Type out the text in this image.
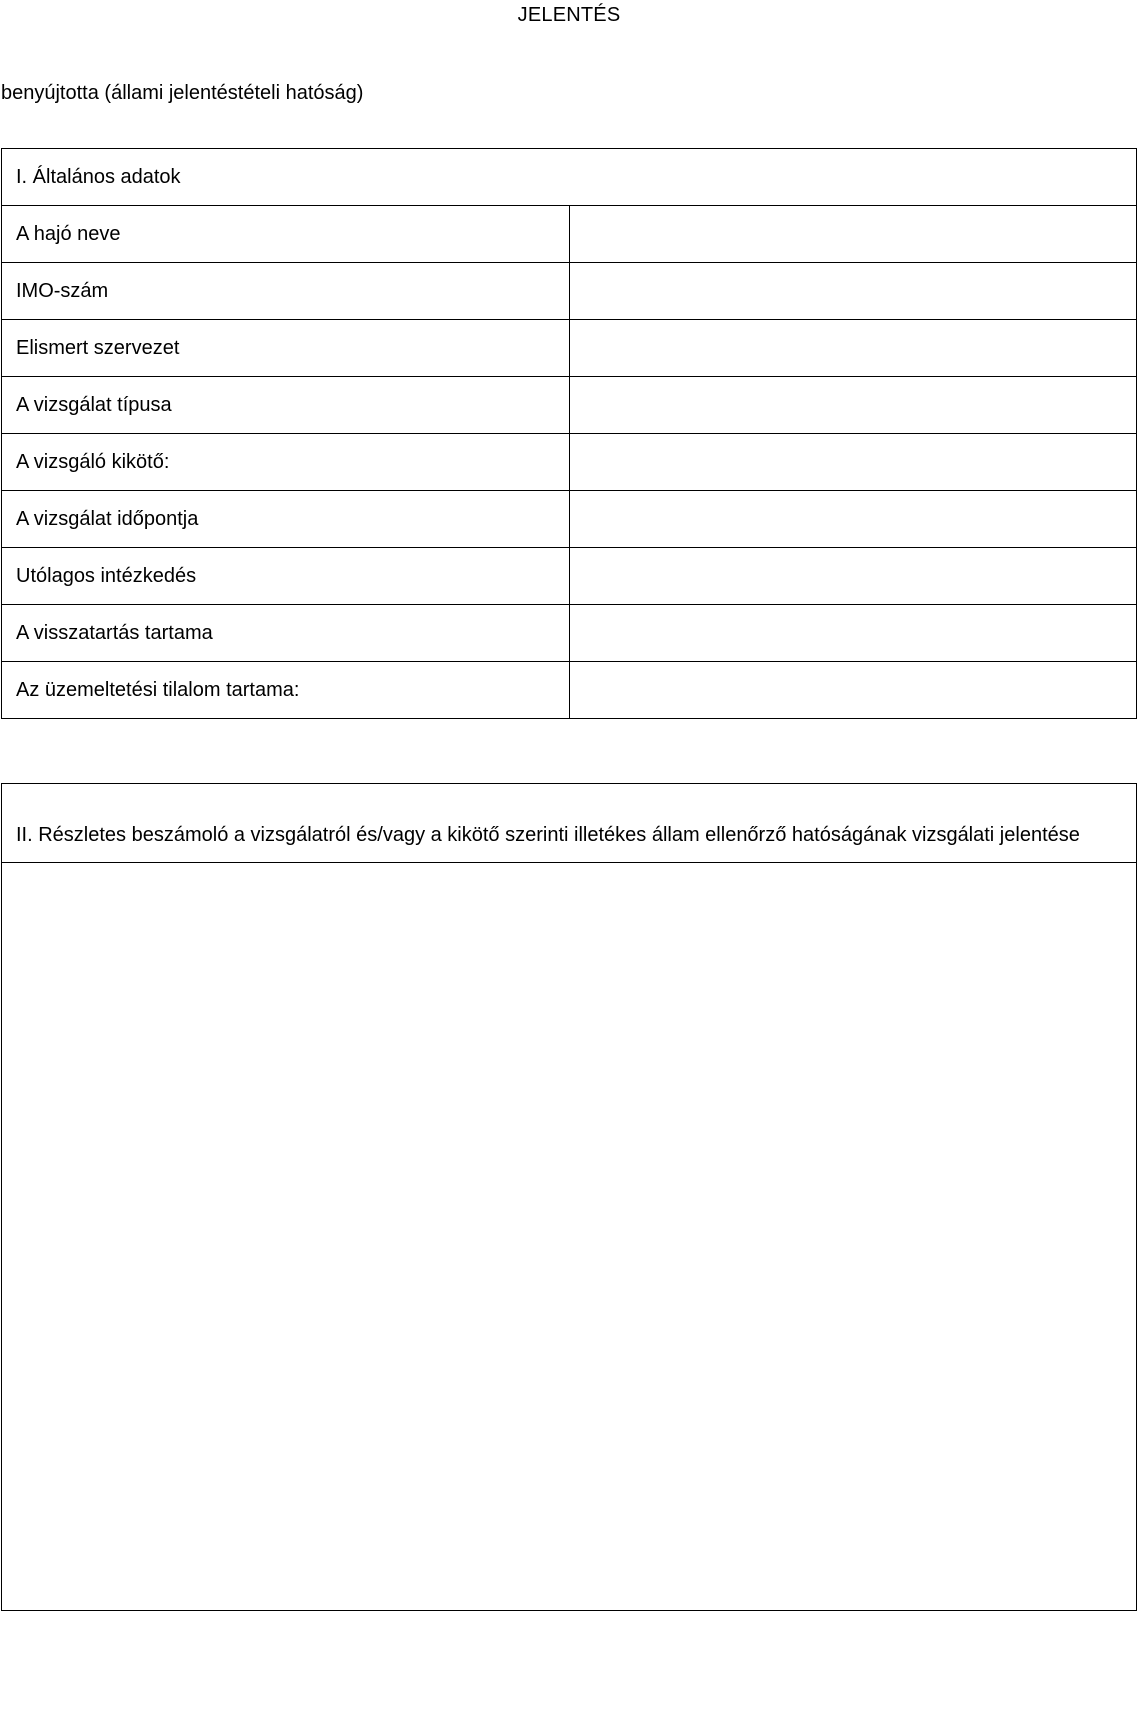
JELENTÉS
benyújtotta (állami jelentéstételi hatóság)
I. Általános adatok	
A hajó neve	
IMO-szám	
Elismert szervezet	
A vizsgálat típusa	
A vizsgáló kikötő:	
A vizsgálat időpontja	
Utólagos intézkedés	
A visszatartás tartama	
Az üzemeltetési tilalom tartama:	
II. Részletes beszámoló a vizsgálatról és/vagy a kikötő szerinti illetékes állam ellenőrző hatóságának vizsgálati jelentése
